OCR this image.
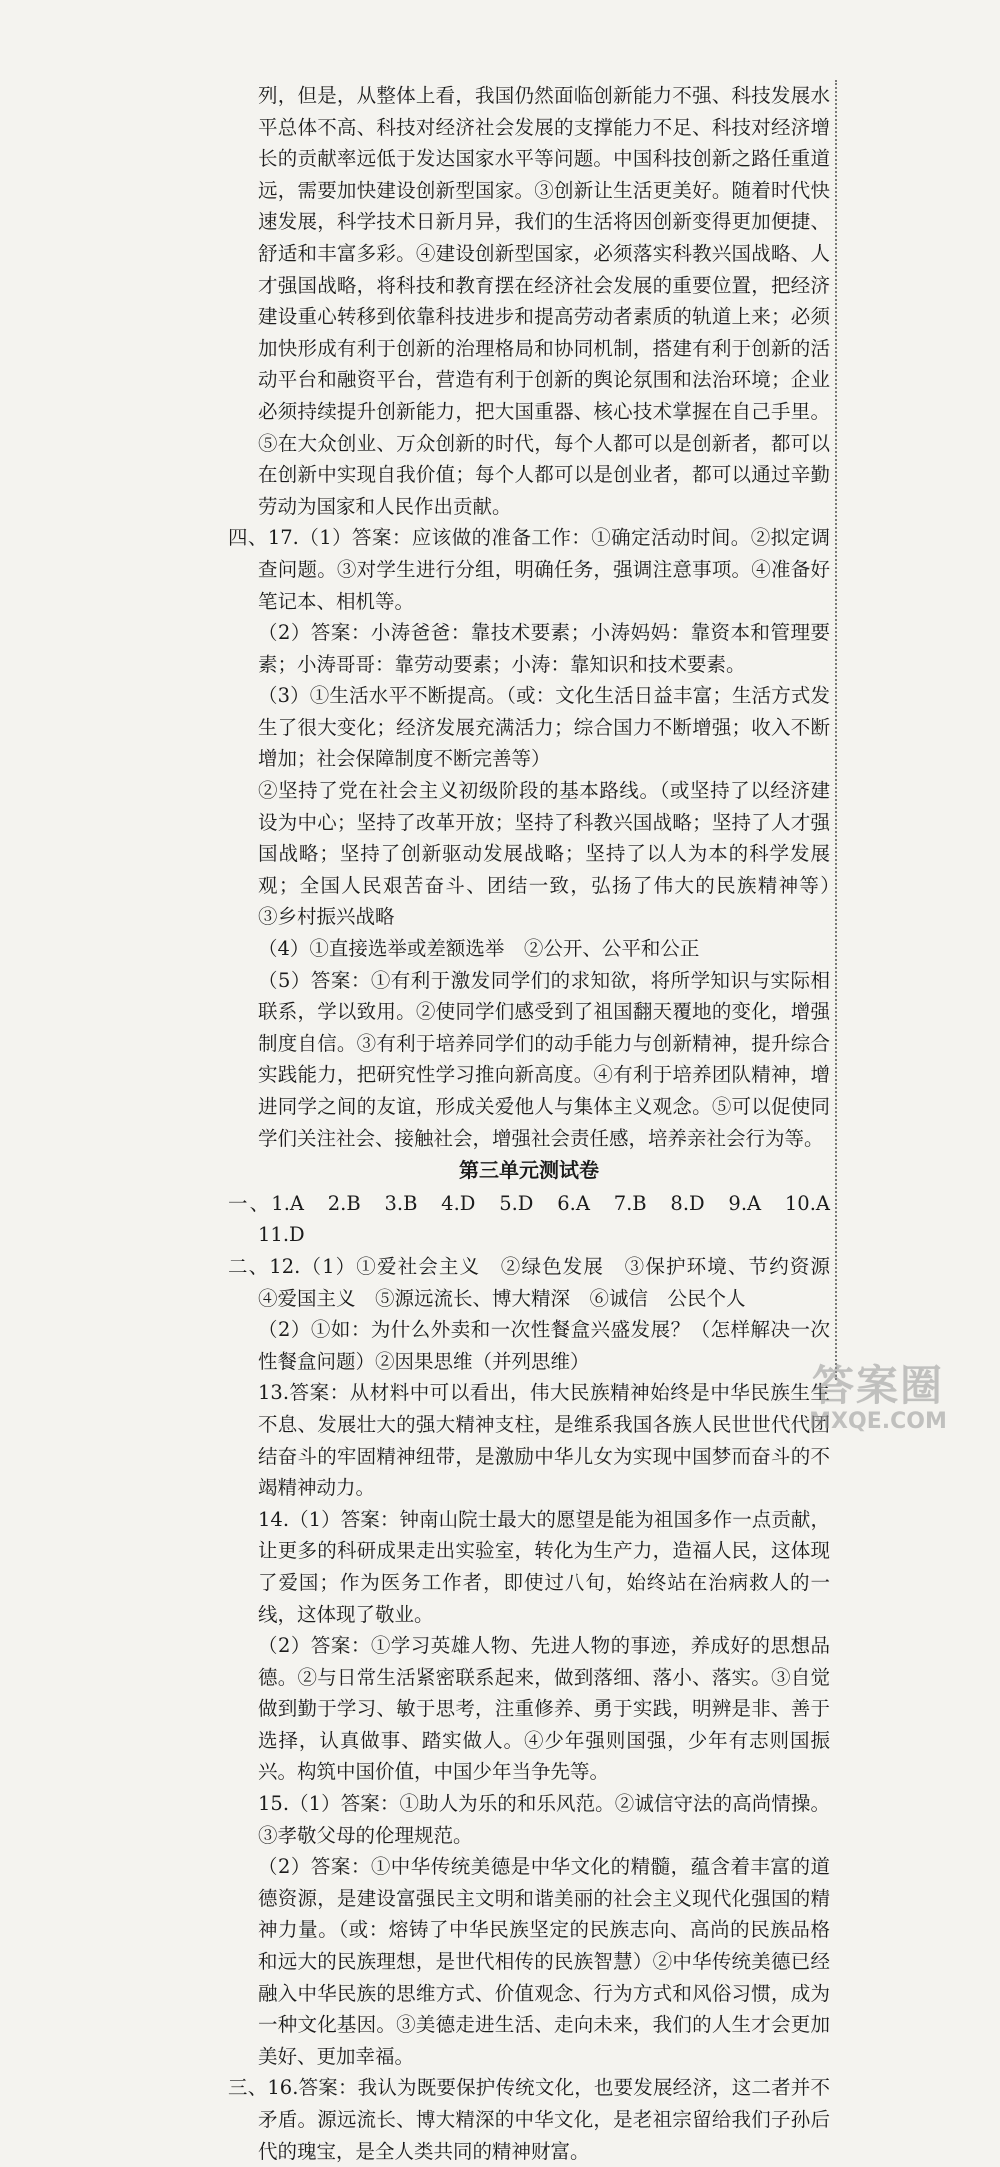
列，但是，从整体上看，我国仍然面临创新能力不强、科技发展水平总体不高、科技对经济社会发展的支撑能力不足、科技对经济增长的贡献率远低于发达国家水平等问题。中国科技创新之路任重道远，需要加快建设创新型国家。③创新让生活更美好。随着时代快速发展，科学技术日新月异，我们的生活将因创新变得更加便捷、舒适和丰富多彩。④建设创新型国家，必须落实科教兴国战略、人才强国战略，将科技和教育摆在经济社会发展的重要位置，把经济建设重心转移到依靠科技进步和提高劳动者素质的轨道上来；必须加快形成有利于创新的治理格局和协同机制，搭建有利于创新的活动平台和融资平台，营造有利于创新的舆论氛围和法治环境；企业必须持续提升创新能力，把大国重器、核心技术掌握在自己手里。⑤在大众创业、万众创新的时代，每个人都可以是创新者，都可以在创新中实现自我价值；每个人都可以是创业者，都可以通过辛勤劳动为国家和人民作出贡献。

四、17.（1）答案：应该做的准备工作：①确定活动时间。②拟定调查问题。③对学生进行分组，明确任务，强调注意事项。④准备好笔记本、相机等。

（2）答案：小涛爸爸：靠技术要素；小涛妈妈：靠资本和管理要素；小涛哥哥：靠劳动要素；小涛：靠知识和技术要素。

（3）①生活水平不断提高。（或：文化生活日益丰富；生活方式发生了很大变化；经济发展充满活力；综合国力不断增强；收入不断增加；社会保障制度不断完善等）

②坚持了党在社会主义初级阶段的基本路线。（或坚持了以经济建设为中心；坚持了改革开放；坚持了科教兴国战略；坚持了人才强国战略；坚持了创新驱动发展战略；坚持了以人为本的科学发展观；全国人民艰苦奋斗、团结一致，弘扬了伟大的民族精神等）　③乡村振兴战略

（4）①直接选举或差额选举　②公开、公平和公正

（5）答案：①有利于激发同学们的求知欲，将所学知识与实际相联系，学以致用。②使同学们感受到了祖国翻天覆地的变化，增强制度自信。③有利于培养同学们的动手能力与创新精神，提升综合实践能力，把研究性学习推向新高度。④有利于培养团队精神，增进同学之间的友谊，形成关爱他人与集体主义观念。⑤可以促使同学们关注社会、接触社会，增强社会责任感，培养亲社会行为等。

第三单元测试卷

一、1.A　2.B　3.B　4.D　5.D　6.A　7.B　8.D　9.A　10.A　11.D

二、12.（1）①爱社会主义　②绿色发展　③保护环境、节约资源　④爱国主义　⑤源远流长、博大精深　⑥诚信　公民个人

（2）①如：为什么外卖和一次性餐盒兴盛发展？（怎样解决一次性餐盒问题）②因果思维（并列思维）

13.答案：从材料中可以看出，伟大民族精神始终是中华民族生生不息、发展壮大的强大精神支柱，是维系我国各族人民世世代代团结奋斗的牢固精神纽带，是激励中华儿女为实现中国梦而奋斗的不竭精神动力。

14.（1）答案：钟南山院士最大的愿望是能为祖国多作一点贡献，让更多的科研成果走出实验室，转化为生产力，造福人民，这体现了爱国；作为医务工作者，即使过八旬，始终站在治病救人的一线，这体现了敬业。

（2）答案：①学习英雄人物、先进人物的事迹，养成好的思想品德。②与日常生活紧密联系起来，做到落细、落小、落实。③自觉做到勤于学习、敏于思考，注重修养、勇于实践，明辨是非、善于选择，认真做事、踏实做人。④少年强则国强，少年有志则国振兴。构筑中国价值，中国少年当争先等。

15.（1）答案：①助人为乐的和乐风范。②诚信守法的高尚情操。③孝敬父母的伦理规范。

（2）答案：①中华传统美德是中华文化的精髓，蕴含着丰富的道德资源，是建设富强民主文明和谐美丽的社会主义现代化强国的精神力量。（或：熔铸了中华民族坚定的民族志向、高尚的民族品格和远大的民族理想，是世代相传的民族智慧）②中华传统美德已经融入中华民族的思维方式、价值观念、行为方式和风俗习惯，成为一种文化基因。③美德走进生活、走向未来，我们的人生才会更加美好、更加幸福。

三、16.答案：我认为既要保护传统文化，也要发展经济，这二者并不矛盾。源远流长、博大精深的中华文化，是老祖宗留给我们子孙后代的瑰宝，是全人类共同的精神财富。

答案圈
MXQE.COM
